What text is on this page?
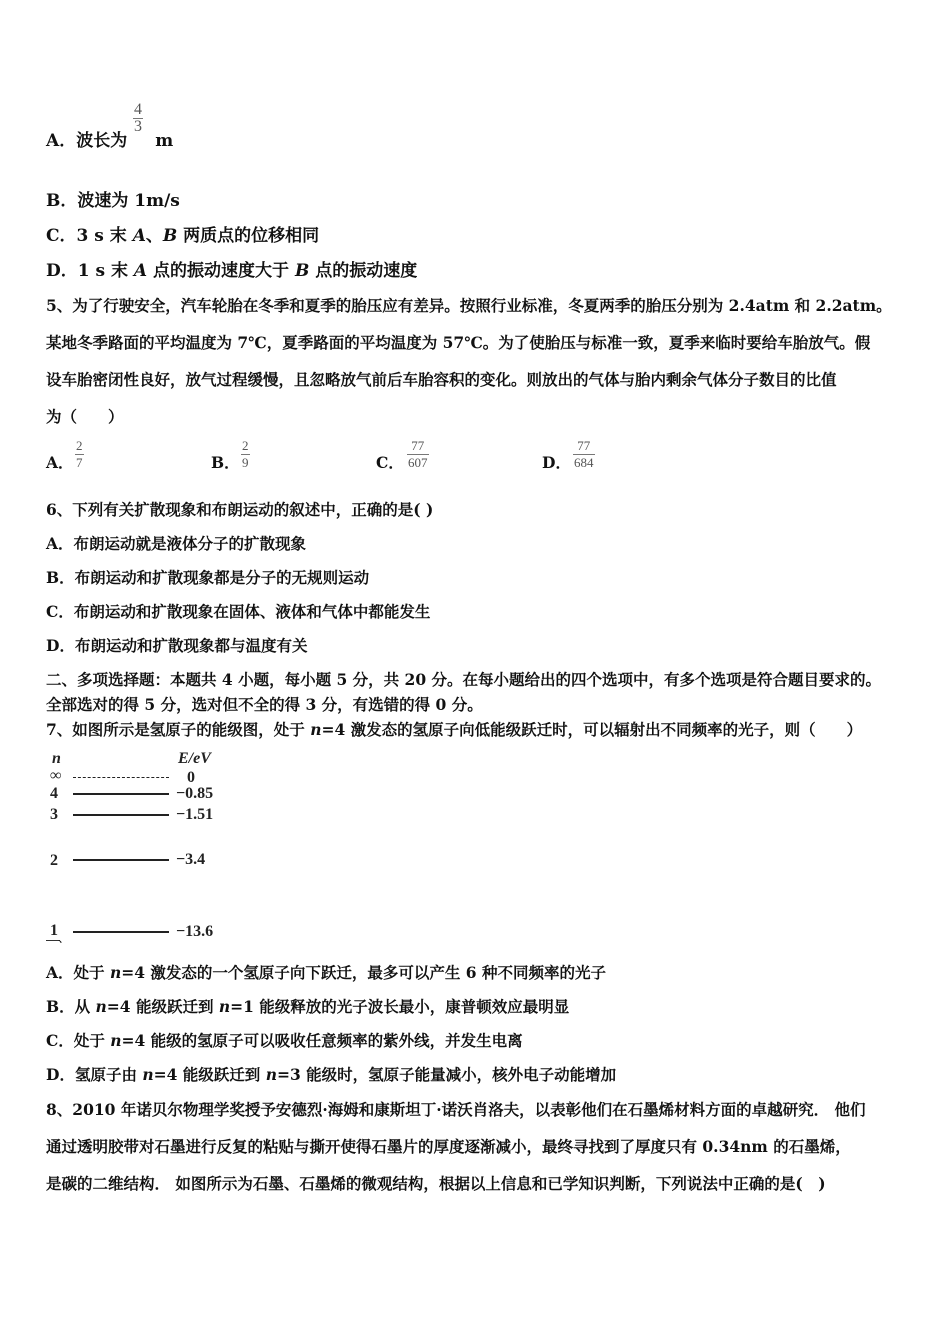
A．波长为 m
$\frac{4}{3}$
B．波速为 1m/s
C．3 s 末 A、B 两质点的位移相同
D．1 s 末 A 点的振动速度大于 B 点的振动速度
5、为了行驶安全，汽车轮胎在冬季和夏季的胎压应有差异。按照行业标准，冬夏两季的胎压分别为 2.4atm 和 2.2atm。
某地冬季路面的平均温度为 7℃，夏季路面的平均温度为 57℃。为了使胎压与标准一致，夏季来临时要给车胎放气。假
设车胎密闭性良好，放气过程缓慢，且忽略放气前后车胎容积的变化。则放出的气体与胎内剩余气体分子数目的比值
为（　　）
A． $\frac{2}{7}$	B． $\frac{2}{9}$	C． $\frac{77}{607}$	D． $\frac{77}{684}$
6、下列有关扩散现象和布朗运动的叙述中，正确的是( )
A．布朗运动就是液体分子的扩散现象
B．布朗运动和扩散现象都是分子的无规则运动
C．布朗运动和扩散现象在固体、液体和气体中都能发生
D．布朗运动和扩散现象都与温度有关
二、多项选择题：本题共 4 小题，每小题 5 分，共 20 分。在每小题给出的四个选项中，有多个选项是符合题目要求的。
全部选对的得 5 分，选对但不全的得 3 分，有选错的得 0 分。
7、如图所示是氢原子的能级图，处于 n=4 激发态的氢原子向低能级跃迁时，可以辐射出不同频率的光子，则（　　）
n	E/eV
∞	0
4	−0.85
3	−1.51
2	−3.4
1	−13.6
、
A．处于 n=4 激发态的一个氢原子向下跃迁，最多可以产生 6 种不同频率的光子
B．从 n=4 能级跃迁到 n=1 能级释放的光子波长最小，康普顿效应最明显
C．处于 n=4 能级的氢原子可以吸收任意频率的紫外线，并发生电离
D．氢原子由 n=4 能级跃迁到 n=3 能级时，氢原子能量减小，核外电子动能增加
8、2010 年诺贝尔物理学奖授予安德烈·海姆和康斯坦丁·诺沃肖洛夫，以表彰他们在石墨烯材料方面的卓越研究． 他们
通过透明胶带对石墨进行反复的粘贴与撕开使得石墨片的厚度逐渐减小，最终寻找到了厚度只有 0.34nm 的石墨烯，
是碳的二维结构． 如图所示为石墨、石墨烯的微观结构，根据以上信息和已学知识判断，下列说法中正确的是(　)
